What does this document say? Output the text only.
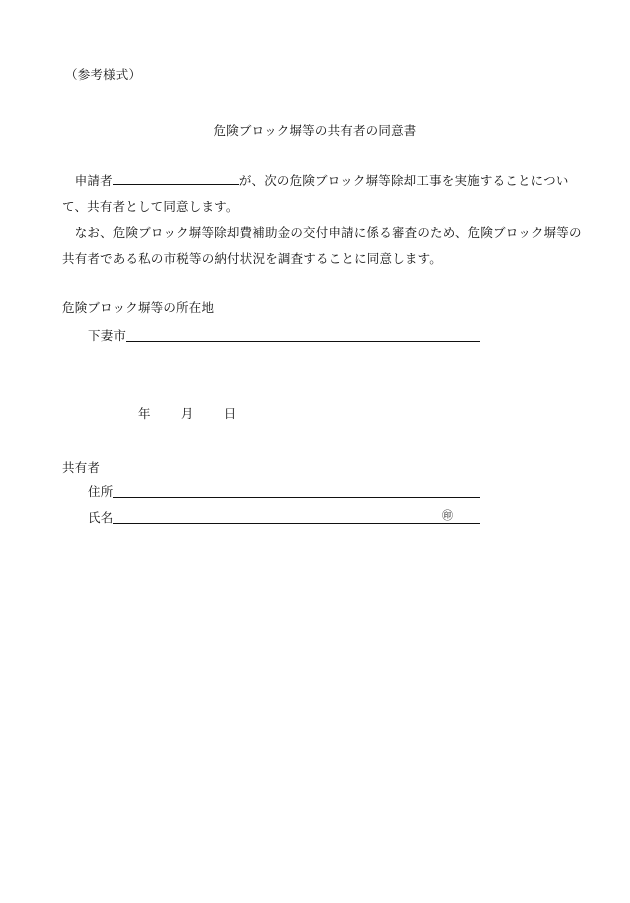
（参考様式）
危険ブロック塀等の共有者の同意書
　申請者	が、次の危険ブロック塀等除却工事を実施することについて、共有者として同意します。
　なお、危険ブロック塀等除却費補助金の交付申請に係る審査のため、危険ブロック塀等の共有者である私の市税等の納付状況を調査することに同意します。
危険ブロック塀等の所在地
下妻市
年 月 日
共有者
住所
氏名	㊞
